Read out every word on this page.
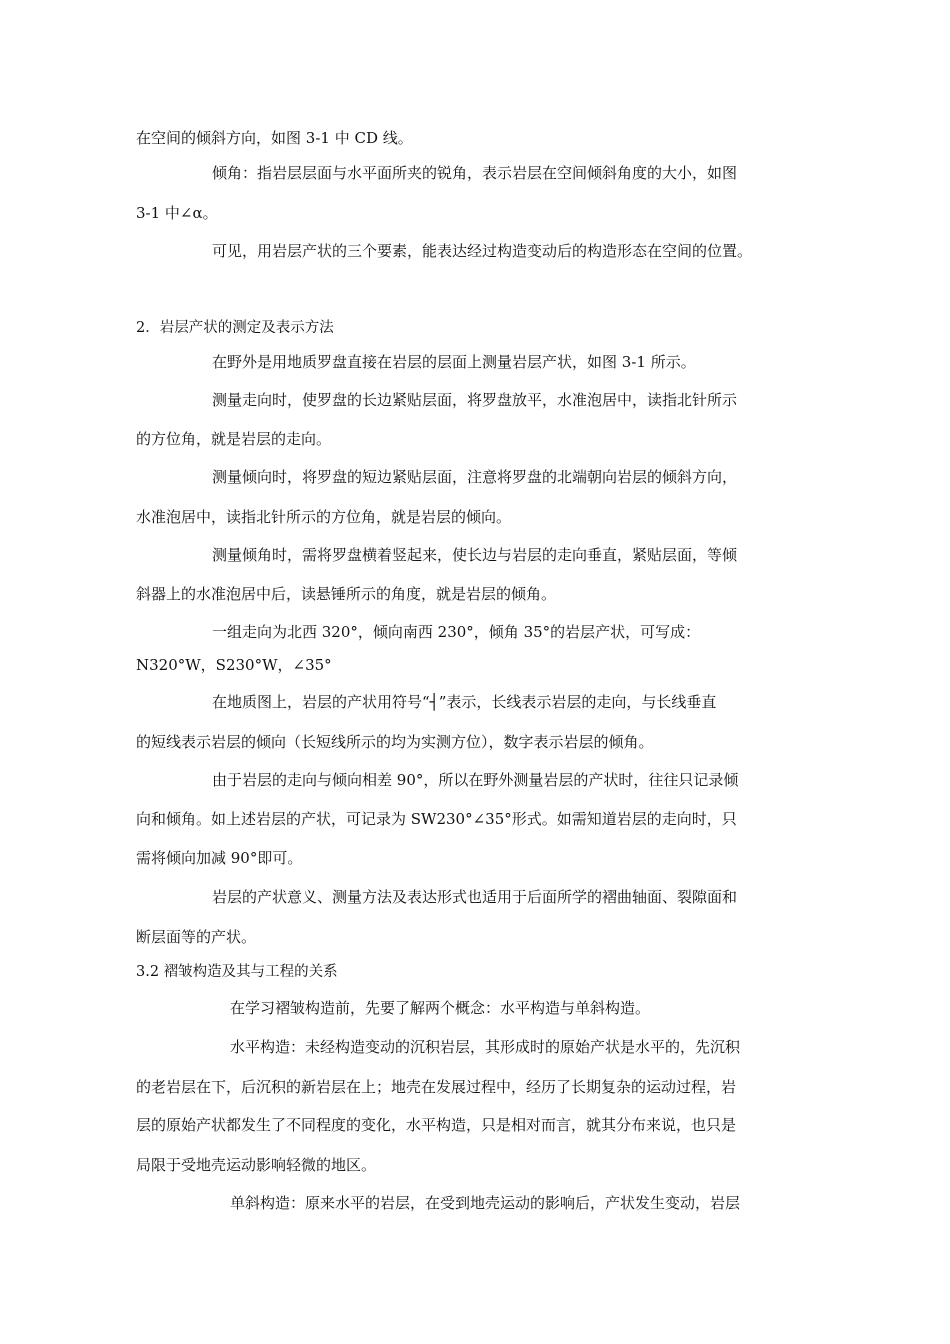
在空间的倾斜方向，如图 3-1 中 CD 线。
倾角：指岩层层面与水平面所夹的锐角，表示岩层在空间倾斜角度的大小，如图
3-1 中∠α。
可见，用岩层产状的三个要素，能表达经过构造变动后的构造形态在空间的位置。
2．岩层产状的测定及表示方法
在野外是用地质罗盘直接在岩层的层面上测量岩层产状，如图 3-1 所示。
测量走向时，使罗盘的长边紧贴层面，将罗盘放平，水准泡居中，读指北针所示
的方位角，就是岩层的走向。
测量倾向时，将罗盘的短边紧贴层面，注意将罗盘的北端朝向岩层的倾斜方向，
水准泡居中，读指北针所示的方位角，就是岩层的倾向。
测量倾角时，需将罗盘横着竖起来，使长边与岩层的走向垂直，紧贴层面，等倾
斜器上的水准泡居中后，读悬锤所示的角度，就是岩层的倾角。
一组走向为北西 320°，倾向南西 230°，倾角 35°的岩层产状，可写成：
N320°W，S230°W，∠35°
在地质图上，岩层的产状用符号“┤”表示，长线表示岩层的走向，与长线垂直
的短线表示岩层的倾向（长短线所示的均为实测方位），数字表示岩层的倾角。
由于岩层的走向与倾向相差 90°，所以在野外测量岩层的产状时，往往只记录倾
向和倾角。如上述岩层的产状，可记录为 SW230°∠35°形式。如需知道岩层的走向时，只
需将倾向加减 90°即可。
岩层的产状意义、测量方法及表达形式也适用于后面所学的褶曲轴面、裂隙面和
断层面等的产状。
3.2 褶皱构造及其与工程的关系
在学习褶皱构造前，先要了解两个概念：水平构造与单斜构造。
水平构造：未经构造变动的沉积岩层，其形成时的原始产状是水平的，先沉积
的老岩层在下，后沉积的新岩层在上；地壳在发展过程中，经历了长期复杂的运动过程，岩
层的原始产状都发生了不同程度的变化，水平构造，只是相对而言，就其分布来说，也只是
局限于受地壳运动影响轻微的地区。
单斜构造：原来水平的岩层，在受到地壳运动的影响后，产状发生变动，岩层
